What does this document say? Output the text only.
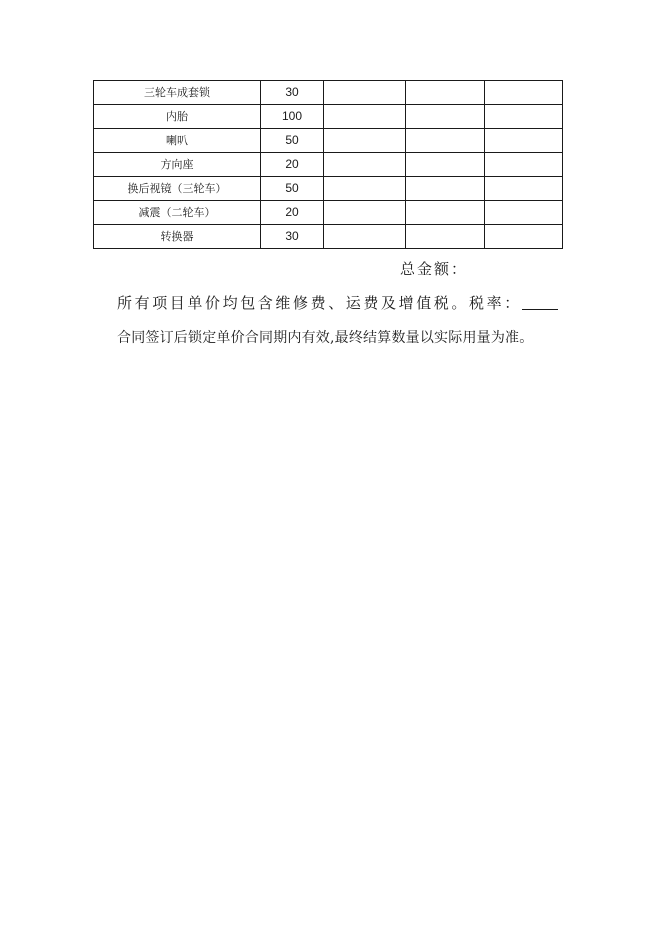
三轮车成套锁	30			
内胎	100			
喇叭	50			
方向座	20			
换后视镜（三轮车）	50			
减震（二轮车）	20			
转换器	30			
总金额：
所有项目单价均包含维修费、运费及增值税。税率：
合同签订后锁定单价合同期内有效,最终结算数量以实际用量为准。
